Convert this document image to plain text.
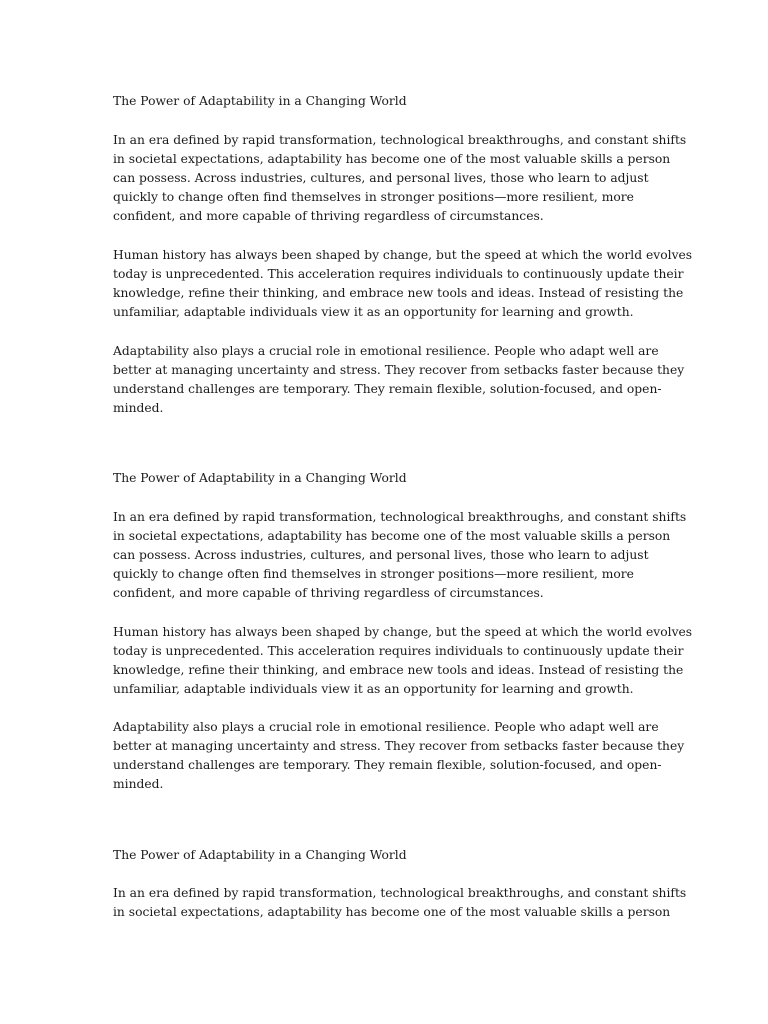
The Power of Adaptability in a Changing World

In an era defined by rapid transformation, technological breakthroughs, and constant shifts
in societal expectations, adaptability has become one of the most valuable skills a person
can possess. Across industries, cultures, and personal lives, those who learn to adjust
quickly to change often find themselves in stronger positions—more resilient, more
confident, and more capable of thriving regardless of circumstances.

Human history has always been shaped by change, but the speed at which the world evolves
today is unprecedented. This acceleration requires individuals to continuously update their
knowledge, refine their thinking, and embrace new tools and ideas. Instead of resisting the
unfamiliar, adaptable individuals view it as an opportunity for learning and growth.

Adaptability also plays a crucial role in emotional resilience. People who adapt well are
better at managing uncertainty and stress. They recover from setbacks faster because they
understand challenges are temporary. They remain flexible, solution-focused, and open-
minded.

The Power of Adaptability in a Changing World

In an era defined by rapid transformation, technological breakthroughs, and constant shifts
in societal expectations, adaptability has become one of the most valuable skills a person
can possess. Across industries, cultures, and personal lives, those who learn to adjust
quickly to change often find themselves in stronger positions—more resilient, more
confident, and more capable of thriving regardless of circumstances.

Human history has always been shaped by change, but the speed at which the world evolves
today is unprecedented. This acceleration requires individuals to continuously update their
knowledge, refine their thinking, and embrace new tools and ideas. Instead of resisting the
unfamiliar, adaptable individuals view it as an opportunity for learning and growth.

Adaptability also plays a crucial role in emotional resilience. People who adapt well are
better at managing uncertainty and stress. They recover from setbacks faster because they
understand challenges are temporary. They remain flexible, solution-focused, and open-
minded.

The Power of Adaptability in a Changing World

In an era defined by rapid transformation, technological breakthroughs, and constant shifts
in societal expectations, adaptability has become one of the most valuable skills a person
